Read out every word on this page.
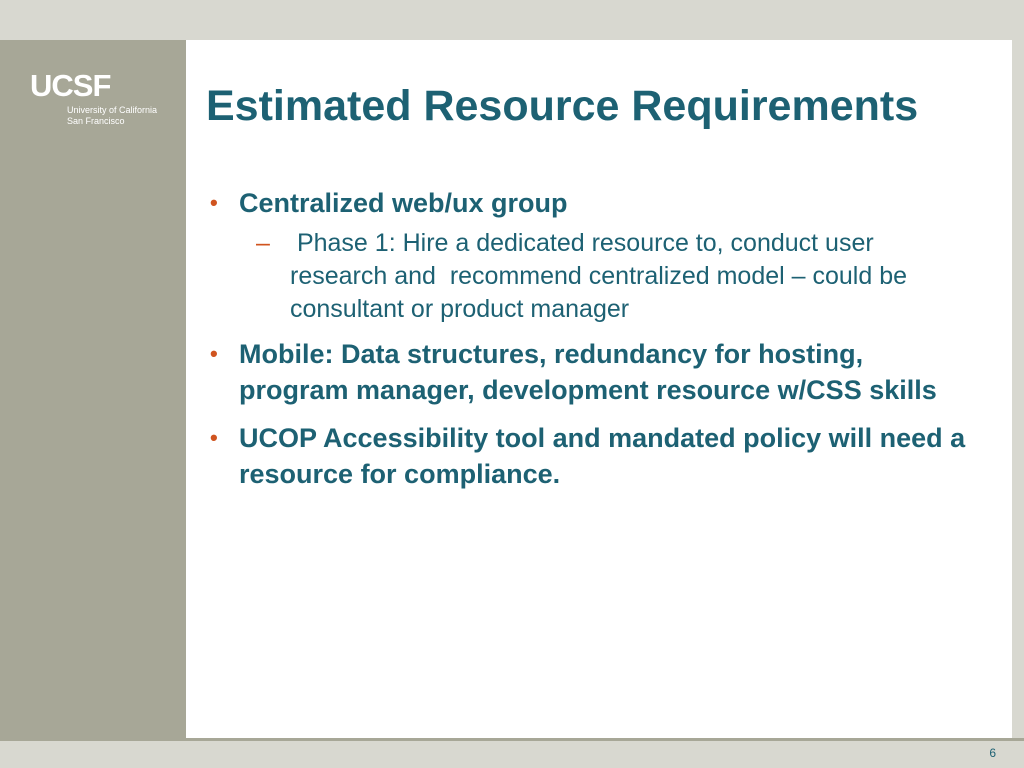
UCSF
University of California
San Francisco	Estimated Resource Requirements
• Centralized web/ux group
– Phase 1: Hire a dedicated resource to, conduct user research and  recommend centralized model – could be consultant or product manager
• Mobile: Data structures, redundancy for hosting, program manager, development resource w/CSS skills
• UCOP Accessibility tool and mandated policy will need a resource for compliance.
6
